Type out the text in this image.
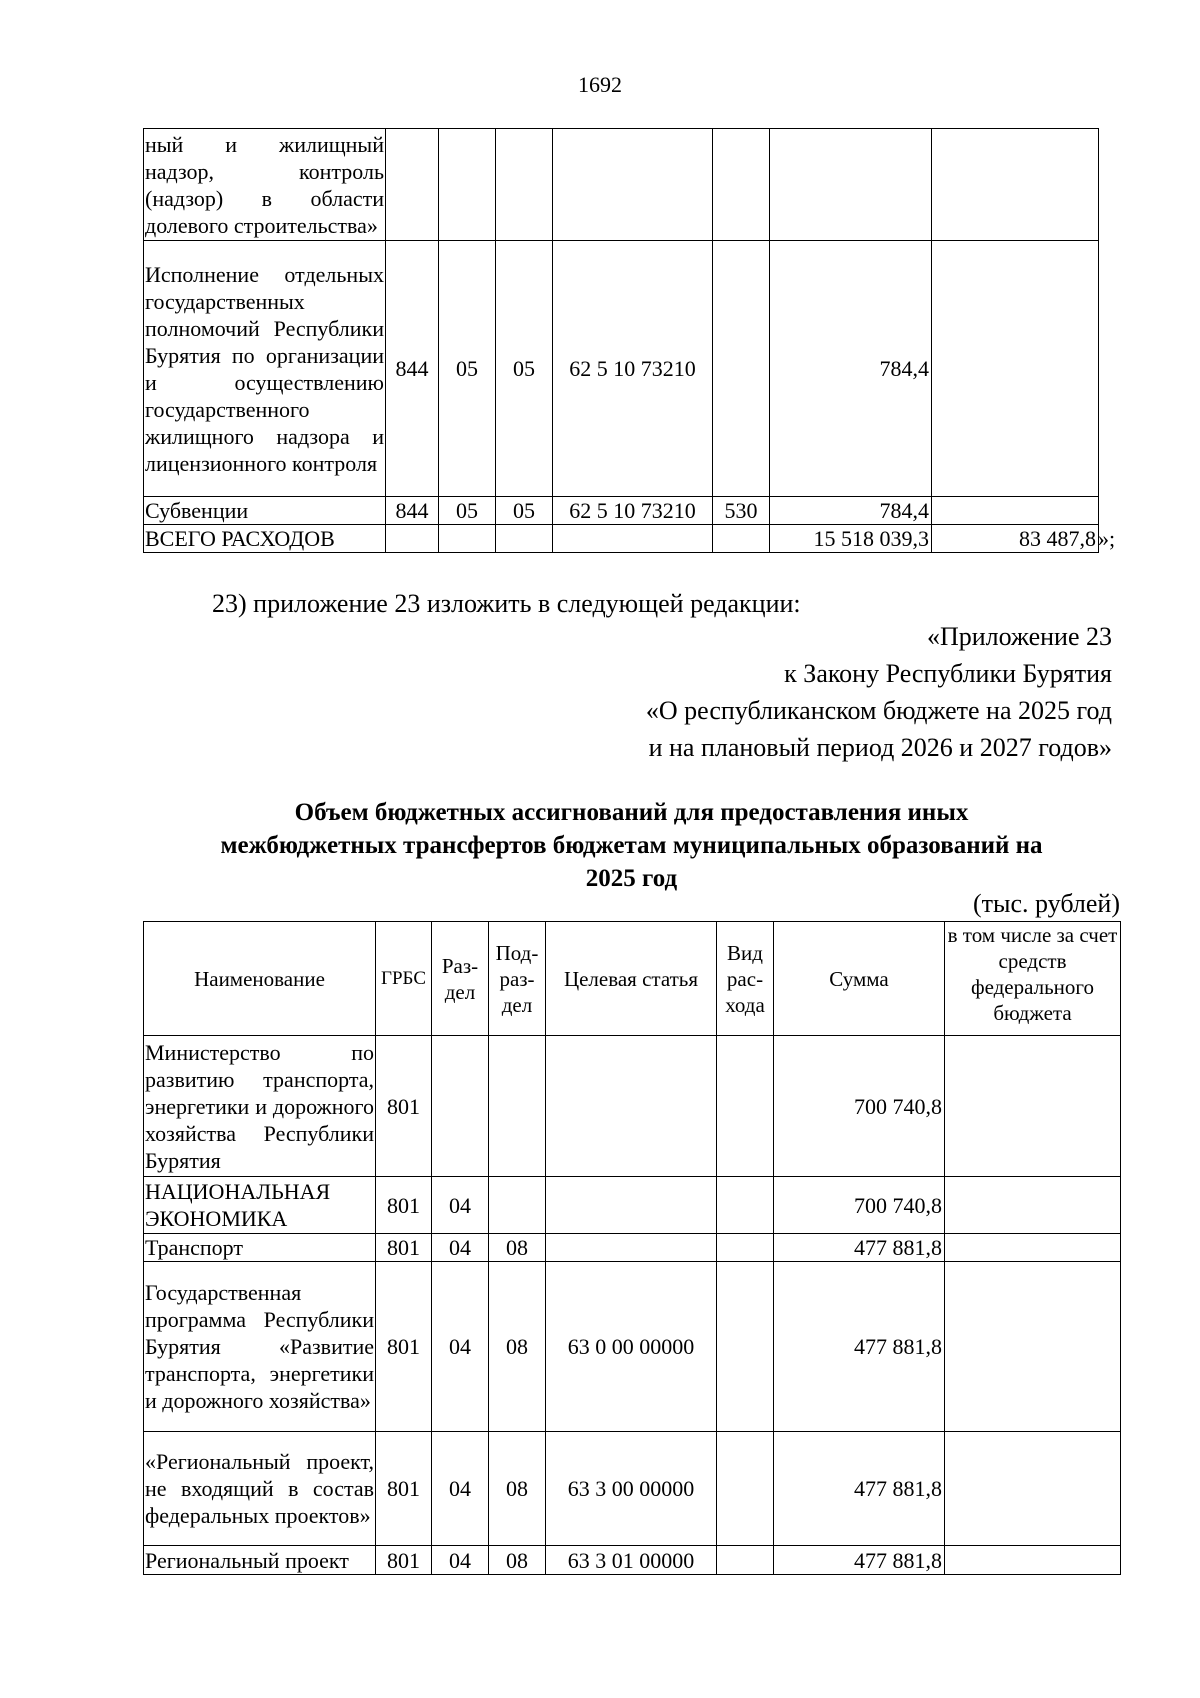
1692
ный и жилищный надзор, контроль (надзор) в области долевого строительства»							
Исполнение отдельных государственных полномочий Республики Бурятия по организации и осуществлению государственного жилищного надзора и лицензионного контроля	844	05	05	62 5 10 73210		784,4	
Субвенции	844	05	05	62 5 10 73210	530	784,4	
ВСЕГО РАСХОДОВ						15 518 039,3	83 487,8 »;
23) приложение 23 изложить в следующей редакции:
«Приложение 23
к Закону Республики Бурятия
«О республиканском бюджете на 2025 год
и на плановый период 2026 и 2027 годов»
Объем бюджетных ассигнований для предоставления иных
межбюджетных трансфертов бюджетам муниципальных образований на
2025 год
(тыс. рублей)
Наименование	ГРБС	Раз-дел	Под-раз-дел	Целевая статья	Вид рас-хода	Сумма	в том числе за счет средств федерального бюджета
Министерство по развитию транспорта, энергетики и дорожного хозяйства Республики Бурятия	801					700 740,8	
НАЦИОНАЛЬНАЯ ЭКОНОМИКА	801	04				700 740,8	
Транспорт	801	04	08			477 881,8	
Государственная программа Республики Бурятия «Развитие транспорта, энергетики и дорожного хозяйства»	801	04	08	63 0 00 00000		477 881,8	
«Региональный проект, не входящий в состав федеральных проектов»	801	04	08	63 3 00 00000		477 881,8	
Региональный проект	801	04	08	63 3 01 00000		477 881,8	
